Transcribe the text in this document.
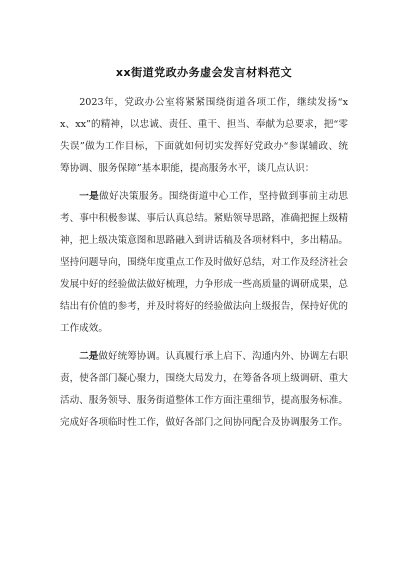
xx街道党政办务虚会发言材料范文

2023年，党政办公室将紧紧围绕街道各项工作，继续发扬“xx、xx”的精神，以忠诚、责任、重干、担当、奉献为总要求，把“零失误”做为工作目标，下面就如何切实发挥好党政办“参谋辅政、统筹协调、服务保障”基本职能，提高服务水平，谈几点认识：

一是做好决策服务。围绕街道中心工作，坚持做到事前主动思考、事中积极参谋、事后认真总结。紧贴领导思路，准确把握上级精神，把上级决策意图和思路融入到讲话稿及各项材料中，多出精品。坚持问题导向，围绕年度重点工作及时做好总结，对工作及经济社会发展中好的经验做法做好梳理，力争形成一些高质量的调研成果，总结出有价值的参考，并及时将好的经验做法向上级报告，保持好优的工作成效。

二是做好统筹协调。认真履行承上启下、沟通内外、协调左右职责，使各部门凝心聚力，围绕大局发力，在筹备各项上级调研、重大活动、服务领导、服务街道整体工作方面注重细节，提高服务标准。完成好各项临时性工作，做好各部门之间协同配合及协调服务工作。
